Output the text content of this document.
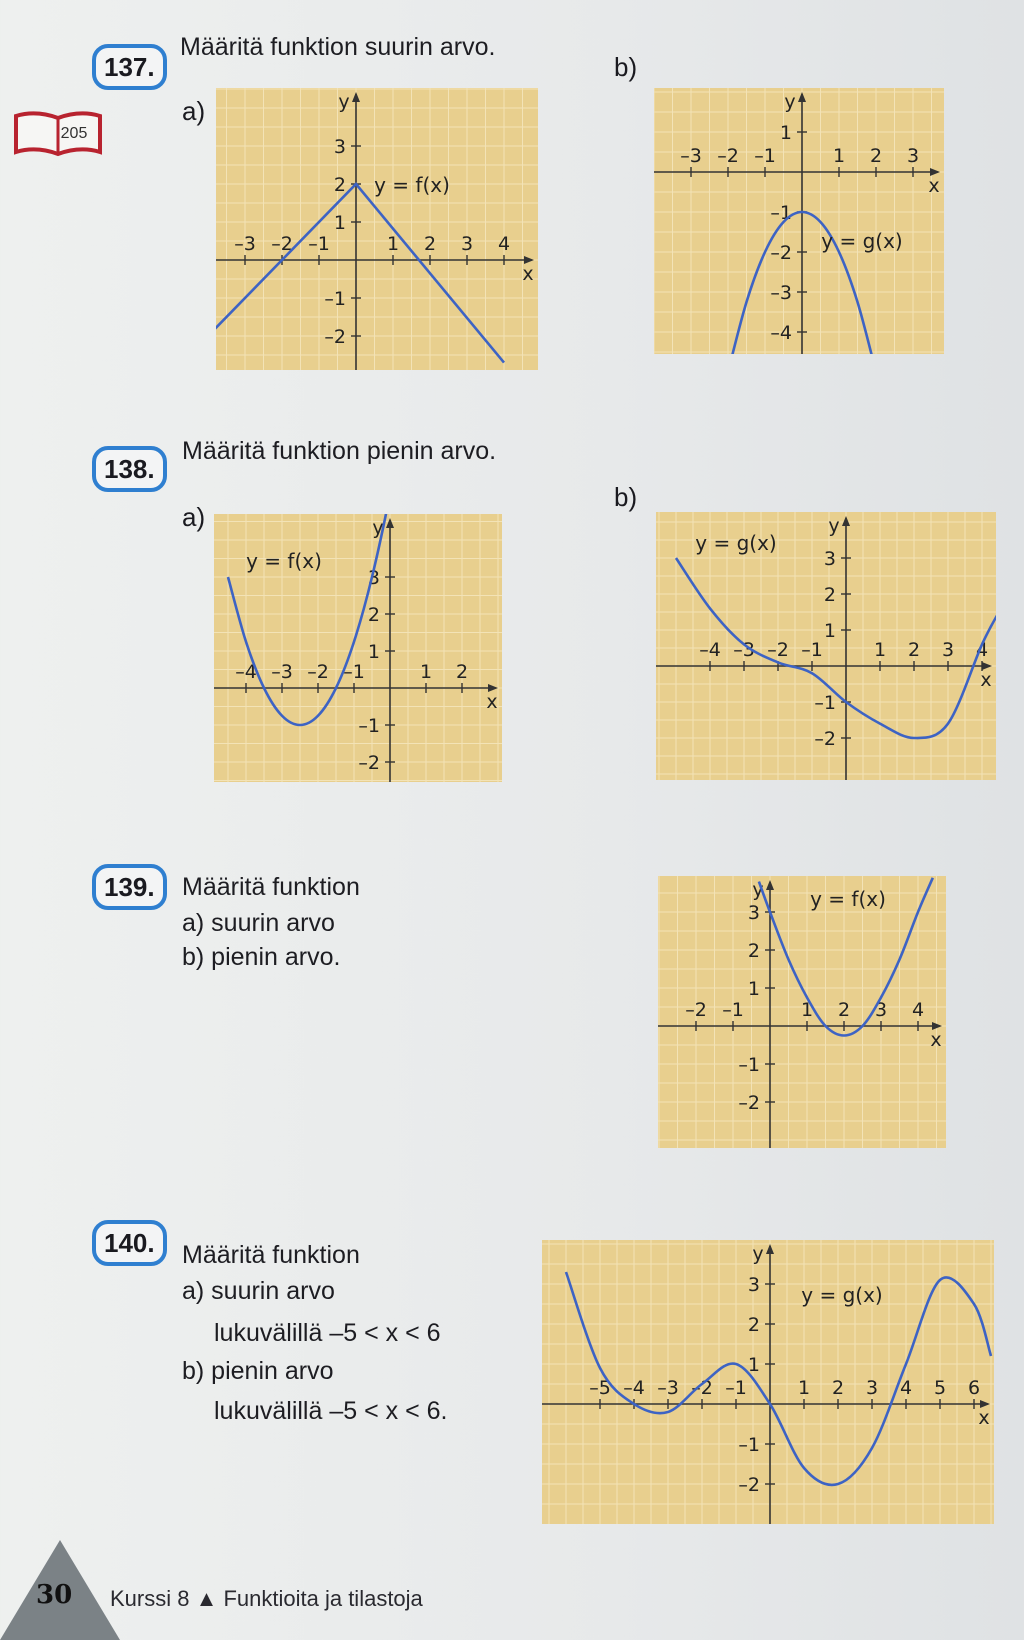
205
137.
Määritä funktion suurin arvo.
a)
b)
–3 –2 –1	1 2 3 4
3
2
1
–1
–2
x
y
y = f(x)
–3 –2 –1	1 2 3
1
–1
–2
–3
–4
x
y
y = g(x)
138.
Määritä funktion pienin arvo.
a)
b)
–4 –3 –2 –1	1 2
3
2
1
–1
–2
x
y
y = f(x)
–4 –3 –2 –1	1 2 3 4
3
2
1
–1
–2
x
y
y = g(x)
139.	Määritä funktion
a) suurin arvo
b) pienin arvo.
–2 –1	1 2 3 4
3
2
1
–1
–2
x
y y = f(x)
140.	Määritä funktion
a) suurin arvo
lukuvälillä –5 < x < 6
b) pienin arvo
lukuvälillä –5 < x < 6.
–5 –4 –3 –2 –1	1 2 3 4 5 6
3
2
1
–1
–2
x
y
y = g(x)
30 Kurssi 8 ▲ Funktioita ja tilastoja
